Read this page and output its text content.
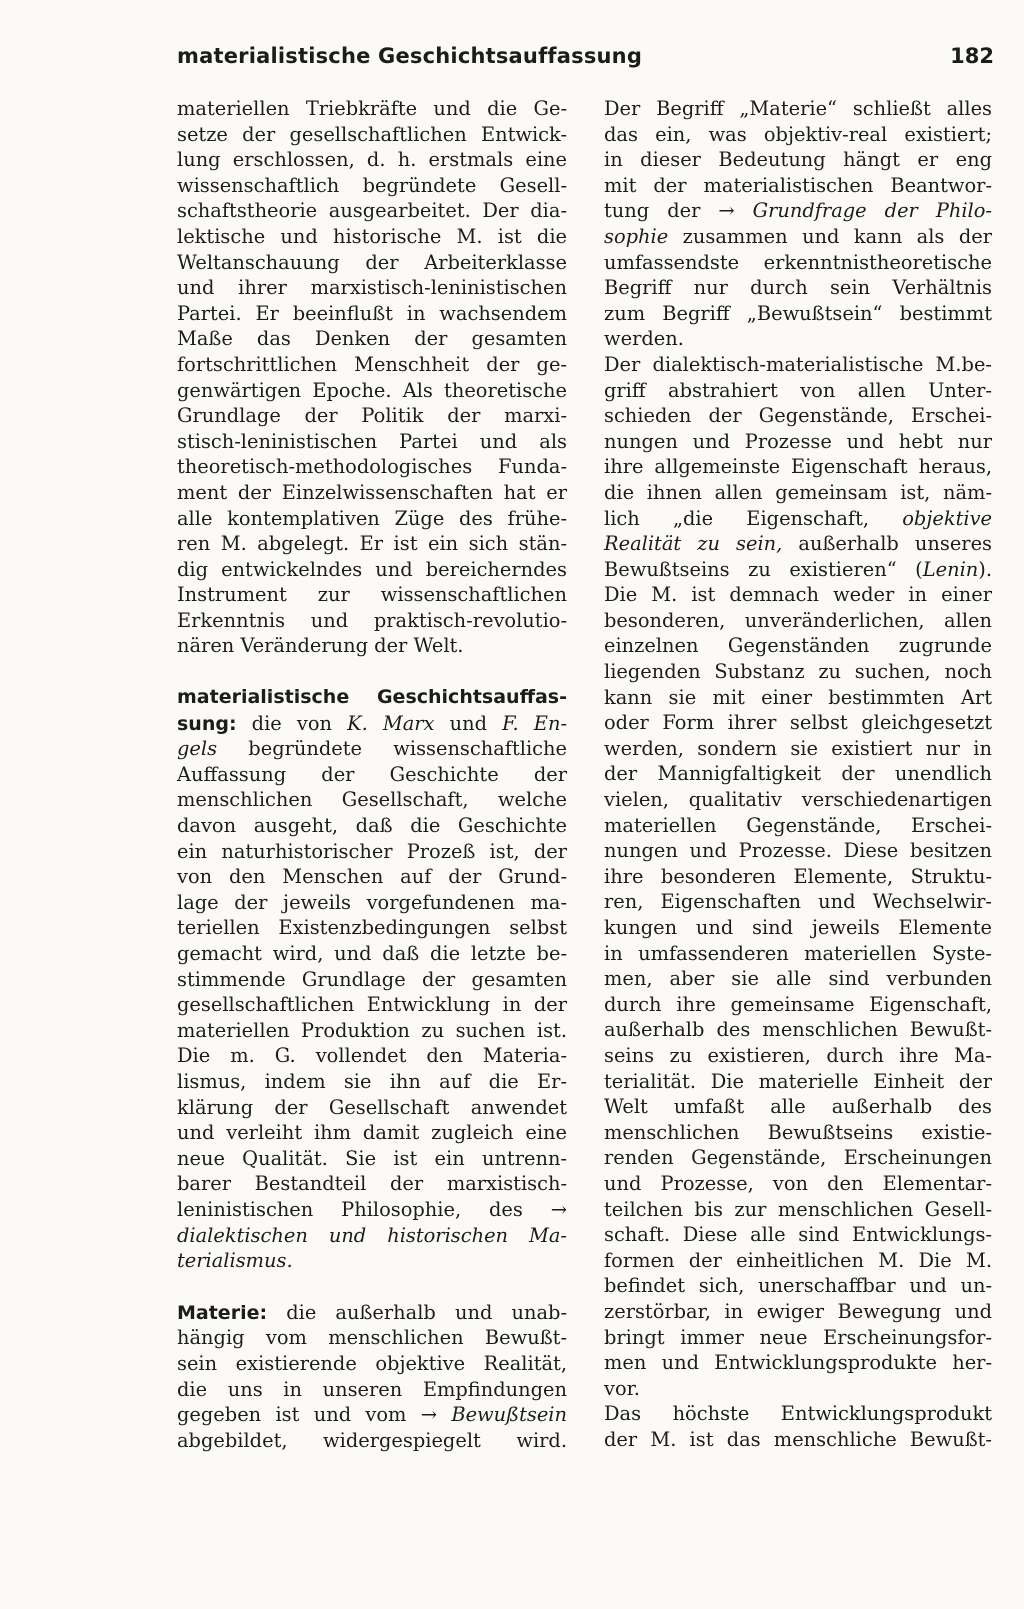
materialistische Geschichtsauffassung	182
materiellen Triebkräfte und die Ge-
setze der gesellschaftlichen Entwick-
lung erschlossen, d. h. erstmals eine
wissenschaftlich begründete Gesell-
schaftstheorie ausgearbeitet. Der dia-
lektische und historische M. ist die
Weltanschauung der Arbeiterklasse
und ihrer marxistisch-leninistischen
Partei. Er beeinflußt in wachsendem
Maße das Denken der gesamten
fortschrittlichen Menschheit der ge-
genwärtigen Epoche. Als theoretische
Grundlage der Politik der marxi-
stisch-leninistischen Partei und als
theoretisch-methodologisches Funda-
ment der Einzelwissenschaften hat er
alle kontemplativen Züge des frühe-
ren M. abgelegt. Er ist ein sich stän-
dig entwickelndes und bereicherndes
Instrument zur wissenschaftlichen
Erkenntnis und praktisch-revolutio-
nären Veränderung der Welt.
materialistische Geschichtsauffas-
sung: die von K. Marx und F. En-
gels begründete wissenschaftliche
Auffassung der Geschichte der
menschlichen Gesellschaft, welche
davon ausgeht, daß die Geschichte
ein naturhistorischer Prozeß ist, der
von den Menschen auf der Grund-
lage der jeweils vorgefundenen ma-
teriellen Existenzbedingungen selbst
gemacht wird, und daß die letzte be-
stimmende Grundlage der gesamten
gesellschaftlichen Entwicklung in der
materiellen Produktion zu suchen ist.
Die m. G. vollendet den Materia-
lismus, indem sie ihn auf die Er-
klärung der Gesellschaft anwendet
und verleiht ihm damit zugleich eine
neue Qualität. Sie ist ein untrenn-
barer Bestandteil der marxistisch-
leninistischen Philosophie, des →
dialektischen und historischen Ma-
terialismus.
Materie: die außerhalb und unab-
hängig vom menschlichen Bewußt-
sein existierende objektive Realität,
die uns in unseren Empfindungen
gegeben ist und vom → Bewußtsein
abgebildet, widergespiegelt wird.
Der Begriff „Materie“ schließt alles
das ein, was objektiv-real existiert;
in dieser Bedeutung hängt er eng
mit der materialistischen Beantwor-
tung der → Grundfrage der Philo-
sophie zusammen und kann als der
umfassendste erkenntnistheoretische
Begriff nur durch sein Verhältnis
zum Begriff „Bewußtsein“ bestimmt
werden.
Der dialektisch-materialistische M.be-
griff abstrahiert von allen Unter-
schieden der Gegenstände, Erschei-
nungen und Prozesse und hebt nur
ihre allgemeinste Eigenschaft heraus,
die ihnen allen gemeinsam ist, näm-
lich „die Eigenschaft, objektive
Realität zu sein, außerhalb unseres
Bewußtseins zu existieren“ (Lenin).
Die M. ist demnach weder in einer
besonderen, unveränderlichen, allen
einzelnen Gegenständen zugrunde
liegenden Substanz zu suchen, noch
kann sie mit einer bestimmten Art
oder Form ihrer selbst gleichgesetzt
werden, sondern sie existiert nur in
der Mannigfaltigkeit der unendlich
vielen, qualitativ verschiedenartigen
materiellen Gegenstände, Erschei-
nungen und Prozesse. Diese besitzen
ihre besonderen Elemente, Struktu-
ren, Eigenschaften und Wechselwir-
kungen und sind jeweils Elemente
in umfassenderen materiellen Syste-
men, aber sie alle sind verbunden
durch ihre gemeinsame Eigenschaft,
außerhalb des menschlichen Bewußt-
seins zu existieren, durch ihre Ma-
terialität. Die materielle Einheit der
Welt umfaßt alle außerhalb des
menschlichen Bewußtseins existie-
renden Gegenstände, Erscheinungen
und Prozesse, von den Elementar-
teilchen bis zur menschlichen Gesell-
schaft. Diese alle sind Entwicklungs-
formen der einheitlichen M. Die M.
befindet sich, unerschaffbar und un-
zerstörbar, in ewiger Bewegung und
bringt immer neue Erscheinungsfor-
men und Entwicklungsprodukte her-
vor.
Das höchste Entwicklungsprodukt
der M. ist das menschliche Bewußt-
